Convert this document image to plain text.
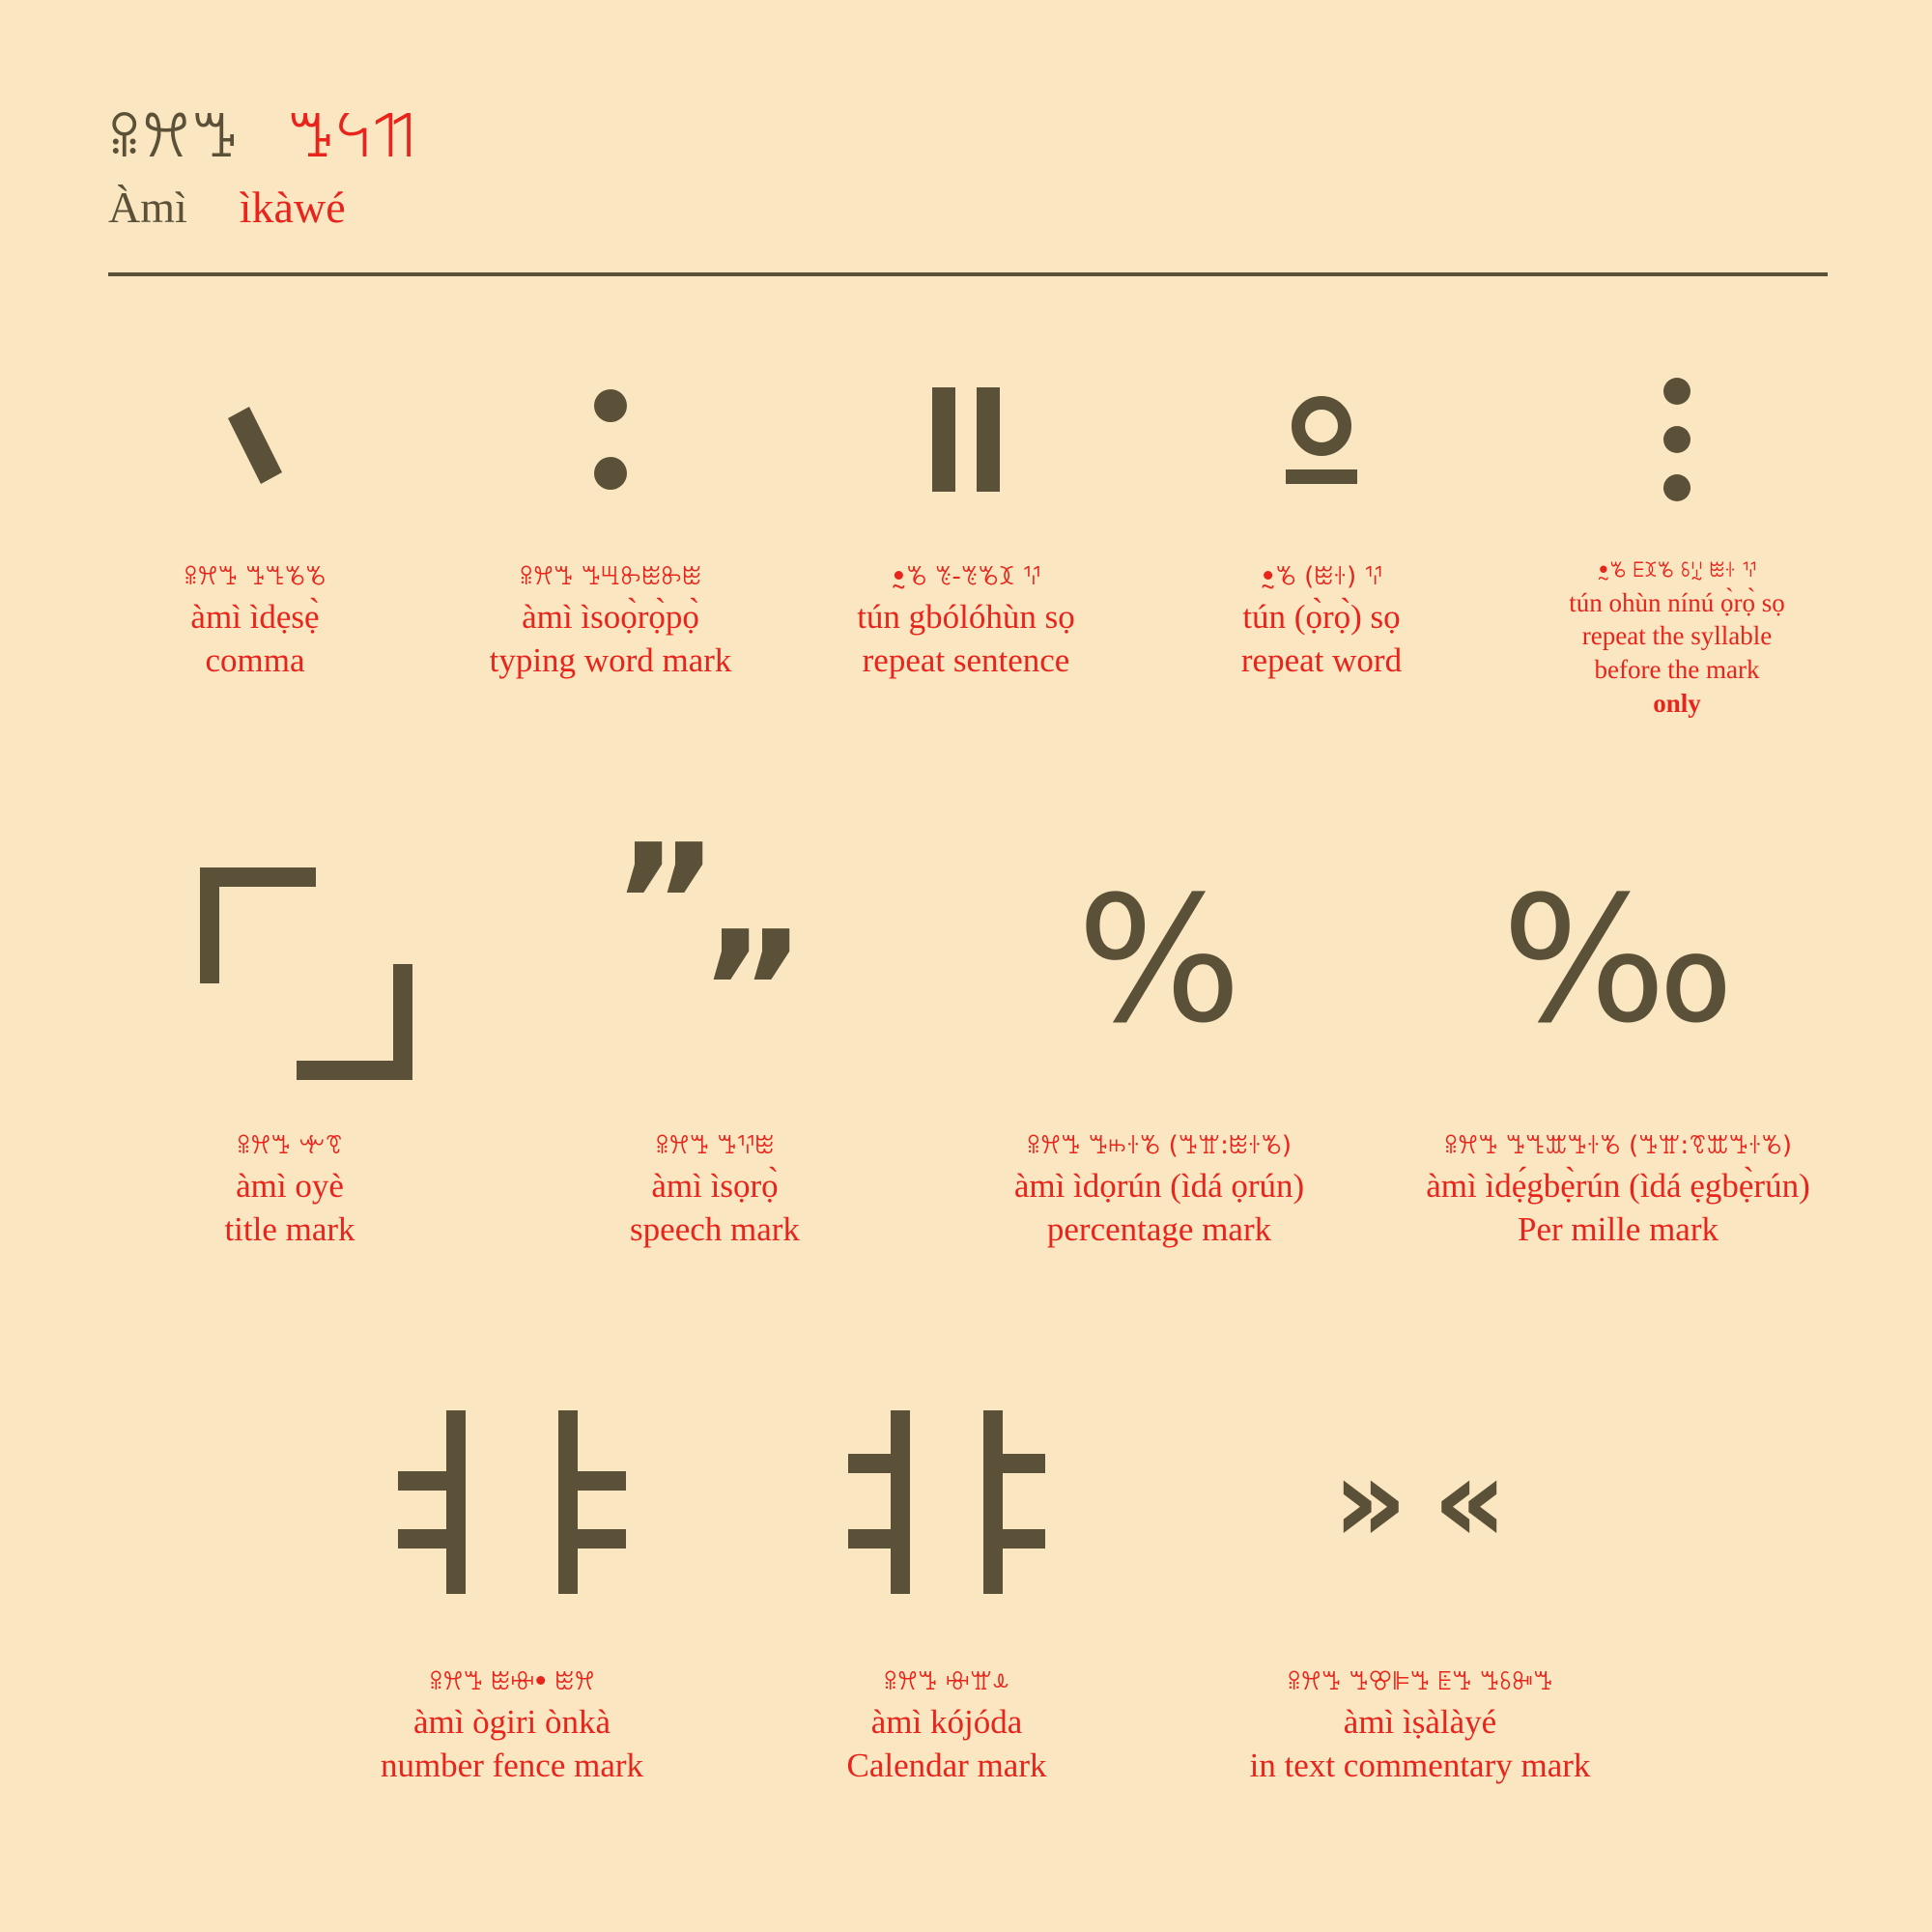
ꕉꕮꔤ ꔤꕪꔔ
Àmì ìkàwé
ꕉꕮꔤ ꔤꔎꘋꘋ
àmì ìdẹsẹ̀
comma
ꕉꕮꔤ ꔤꖇꖝꖺꖝꖺ
àmì ìsoọ̀rọ̀pọ̀
typing word mark
ꔸꘋ ꔳ-ꔳꘋꘉ ꖬ
tún gbólóhùn sọ
repeat sentence
ꔸꘋ (ꖺꖌ) ꖬ
tún (ọ̀rọ̀) sọ
repeat word
ꔸꘋ ꗋꘉꘋ ꗏꗸ ꖺꖌ ꖬ
tún ohùn nínú ọ̀rọ̀ sọ
repeat the syllable before the mark
only
ꕉꕮꔤ ꔺꗦ
àmì oyè
title mark
”
”
ꕉꕮꔤ ꔤꖬꖺ
àmì ìsọrọ̀
speech mark
%
ꕉꕮꔤ ꔤꖱꖌꘋ (ꔤꖁ꞉ꖺꖌꘋ)
àmì ìdọrún (ìdá ọrún)
percentage mark
‰
ꕉꕮꔤ ꔤꔎꕭꔤꖌꘋ (ꔤꖁ꞉ꗦꕭꔤꖌꘋ)
àmì ìdẹ́gbẹ̀rún (ìdá ẹgbẹ̀rún)
Per mille mark
ꕉꕮꔤ ꖺꗳꔷ ꖺꕮ
àmì ògiri ònkà
number fence mark
ꕉꕮꔤ ꗳꖁꕊ
àmì kójóda
Calendar mark
» «
ꕉꕮꔤ ꔤꕢꕞꔤ ꗍꔤ ꔤꗏꔻꔤ
àmì ìṣàlàyé
in text commentary mark
